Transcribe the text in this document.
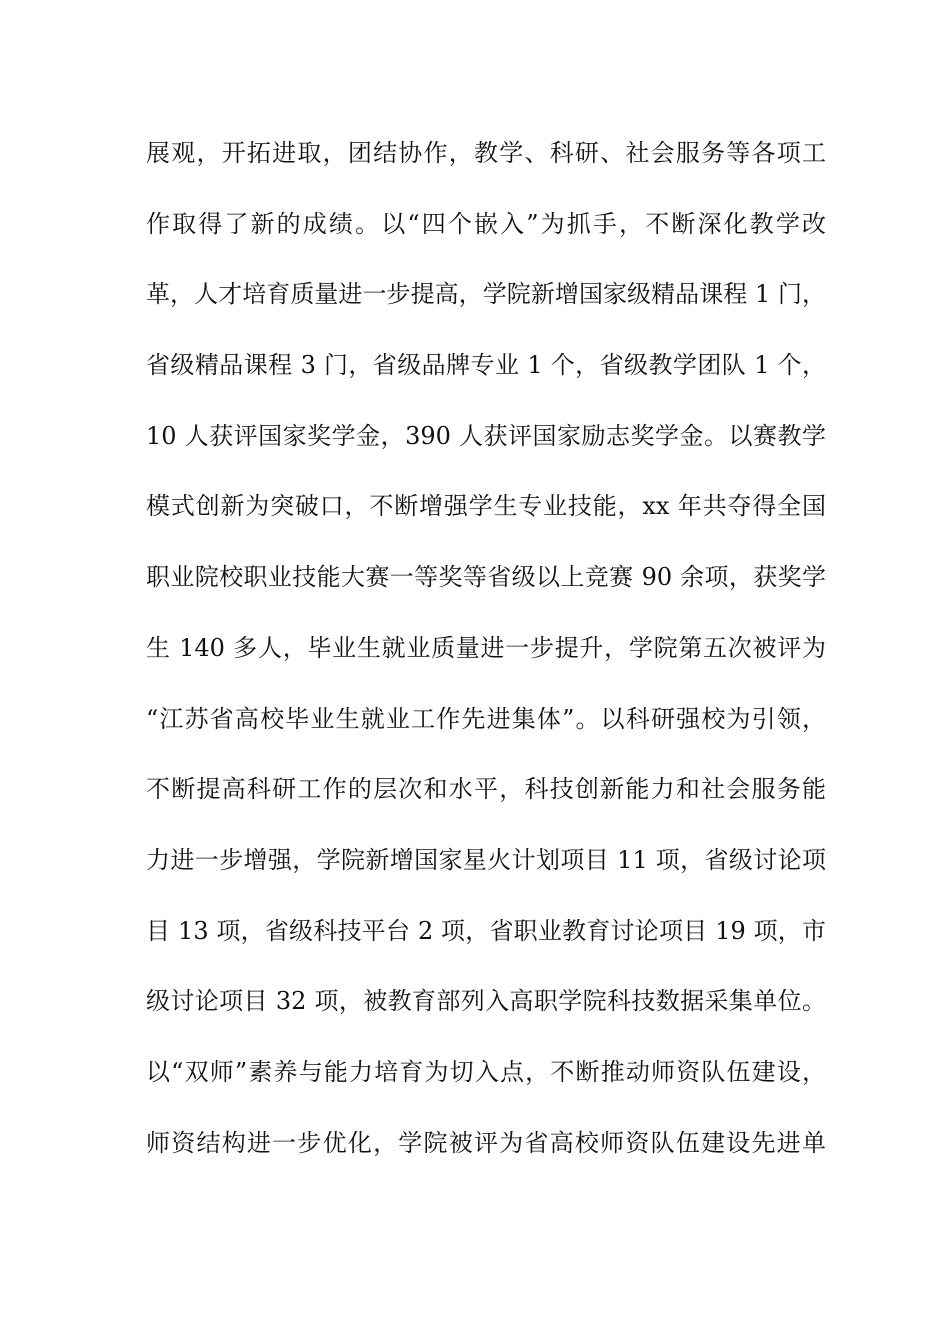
展观，开拓进取，团结协作，教学、科研、社会服务等各项工
作取得了新的成绩。以“四个嵌入”为抓手，不断深化教学改
革，人才培育质量进一步提高，学院新增国家级精品课程 1 门，
省级精品课程 3 门，省级品牌专业 1 个，省级教学团队 1 个，
10 人获评国家奖学金，390 人获评国家励志奖学金。以赛教学
模式创新为突破口，不断增强学生专业技能，xx 年共夺得全国
职业院校职业技能大赛一等奖等省级以上竞赛 90 余项，获奖学
生 140 多人，毕业生就业质量进一步提升，学院第五次被评为
“江苏省高校毕业生就业工作先进集体”。以科研强校为引领，
不断提高科研工作的层次和水平，科技创新能力和社会服务能
力进一步增强，学院新增国家星火计划项目 11 项，省级讨论项
目 13 项，省级科技平台 2 项，省职业教育讨论项目 19 项，市
级讨论项目 32 项，被教育部列入高职学院科技数据采集单位。
以“双师”素养与能力培育为切入点，不断推动师资队伍建设，
师资结构进一步优化，学院被评为省高校师资队伍建设先进单
